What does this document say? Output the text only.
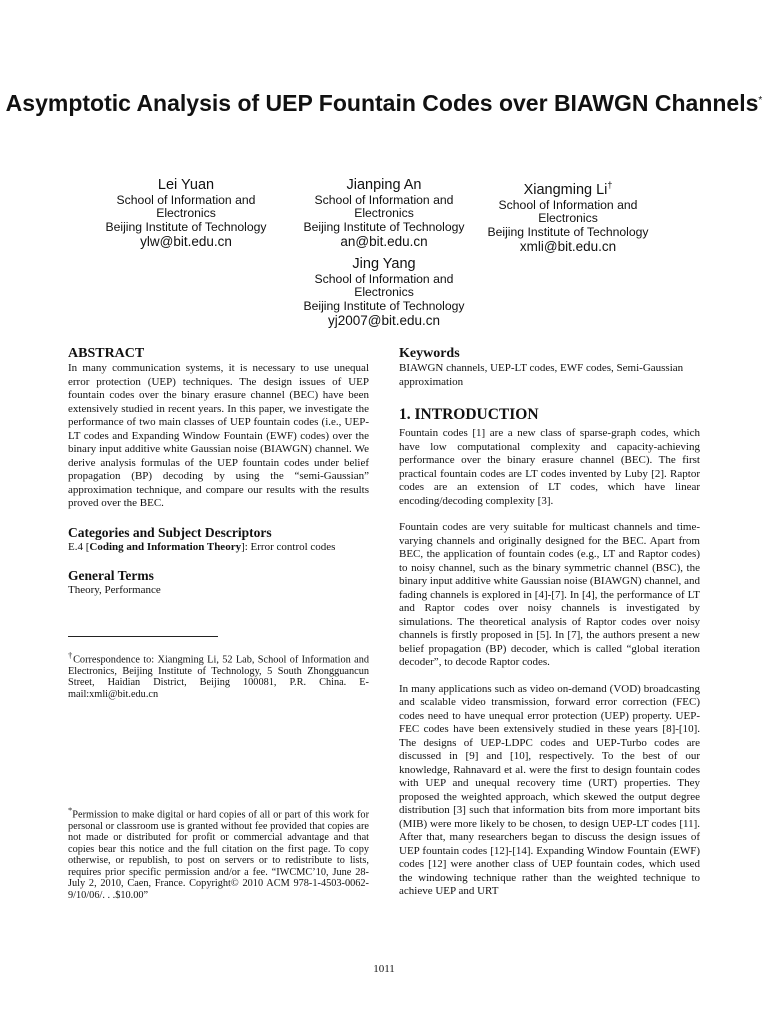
Asymptotic Analysis of UEP Fountain Codes over BIAWGN Channels*
Lei Yuan
School of Information and
Electronics
Beijing Institute of Technology
ylw@bit.edu.cn
Jianping An
School of Information and
Electronics
Beijing Institute of Technology
an@bit.edu.cn
Xiangming Li†
School of Information and
Electronics
Beijing Institute of Technology
xmli@bit.edu.cn
Jing Yang
School of Information and
Electronics
Beijing Institute of Technology
yj2007@bit.edu.cn
ABSTRACT

In many communication systems, it is necessary to use unequal error protection (UEP) techniques. The design issues of UEP fountain codes over the binary erasure channel (BEC) have been extensively studied in recent years. In this paper, we investigate the performance of two main classes of UEP fountain codes (i.e., UEP-LT codes and Expanding Window Fountain (EWF) codes) over the binary input additive white Gaussian noise (BIAWGN) channel. We derive analysis formulas of the UEP fountain codes under belief propagation (BP) decoding by using the “semi-Gaussian” approximation technique, and compare our results with the results proved over the BEC.

Categories and Subject Descriptors

E.4 [Coding and Information Theory]: Error control codes

General Terms

Theory, Performance

†Correspondence to: Xiangming Li, 52 Lab, School of Information and Electronics, Beijing Institute of Technology, 5 South Zhongguancun Street, Haidian District, Beijing 100081, P.R. China. E-mail:xmli@bit.edu.cn

*Permission to make digital or hard copies of all or part of this work for personal or classroom use is granted without fee provided that copies are not made or distributed for profit or commercial advantage and that copies bear this notice and the full citation on the first page. To copy otherwise, or republish, to post on servers or to redistribute to lists, requires prior specific permission and/or a fee. “IWCMC’10, June 28-July 2, 2010, Caen, France. Copyright© 2010 ACM 978-1-4503-0062-9/10/06/. . .$10.00”

Keywords

BIAWGN channels, UEP-LT codes, EWF codes, Semi-Gaussian approximation

1. INTRODUCTION

Fountain codes [1] are a new class of sparse-graph codes, which have low computational complexity and capacity-achieving performance over the binary erasure channel (BEC). The first practical fountain codes are LT codes invented by Luby [2]. Raptor codes are an extension of LT codes, which have linear encoding/decoding complexity [3].

Fountain codes are very suitable for multicast channels and time-varying channels and originally designed for the BEC. Apart from BEC, the application of fountain codes (e.g., LT and Raptor codes) to noisy channel, such as the binary symmetric channel (BSC), the binary input additive white Gaussian noise (BIAWGN) channel, and fading channels is explored in [4]-[7]. In [4], the performance of LT and Raptor codes over noisy channels is investigated by simulations. The theoretical analysis of Raptor codes over noisy channels is firstly proposed in [5]. In [7], the authors present a new belief propagation (BP) decoder, which is called “global iteration decoder”, to decode Raptor codes.

In many applications such as video on-demand (VOD) broadcasting and scalable video transmission, forward error correction (FEC) codes need to have unequal error protection (UEP) property. UEP-FEC codes have been extensively studied in these years [8]-[10]. The designs of UEP-LDPC codes and UEP-Turbo codes are discussed in [9] and [10], respectively. To the best of our knowledge, Rahnavard et al. were the first to design fountain codes with UEP and unequal recovery time (URT) properties. They proposed the weighted approach, which skewed the output degree distribution [3] such that information bits from more important bits (MIB) were more likely to be chosen, to design UEP-LT codes [11]. After that, many researchers began to discuss the design issues of UEP fountain codes [12]-[14]. Expanding Window Fountain (EWF) codes [12] were another class of UEP fountain codes, which used the windowing technique rather than the weighted technique to achieve UEP and URT

1011
